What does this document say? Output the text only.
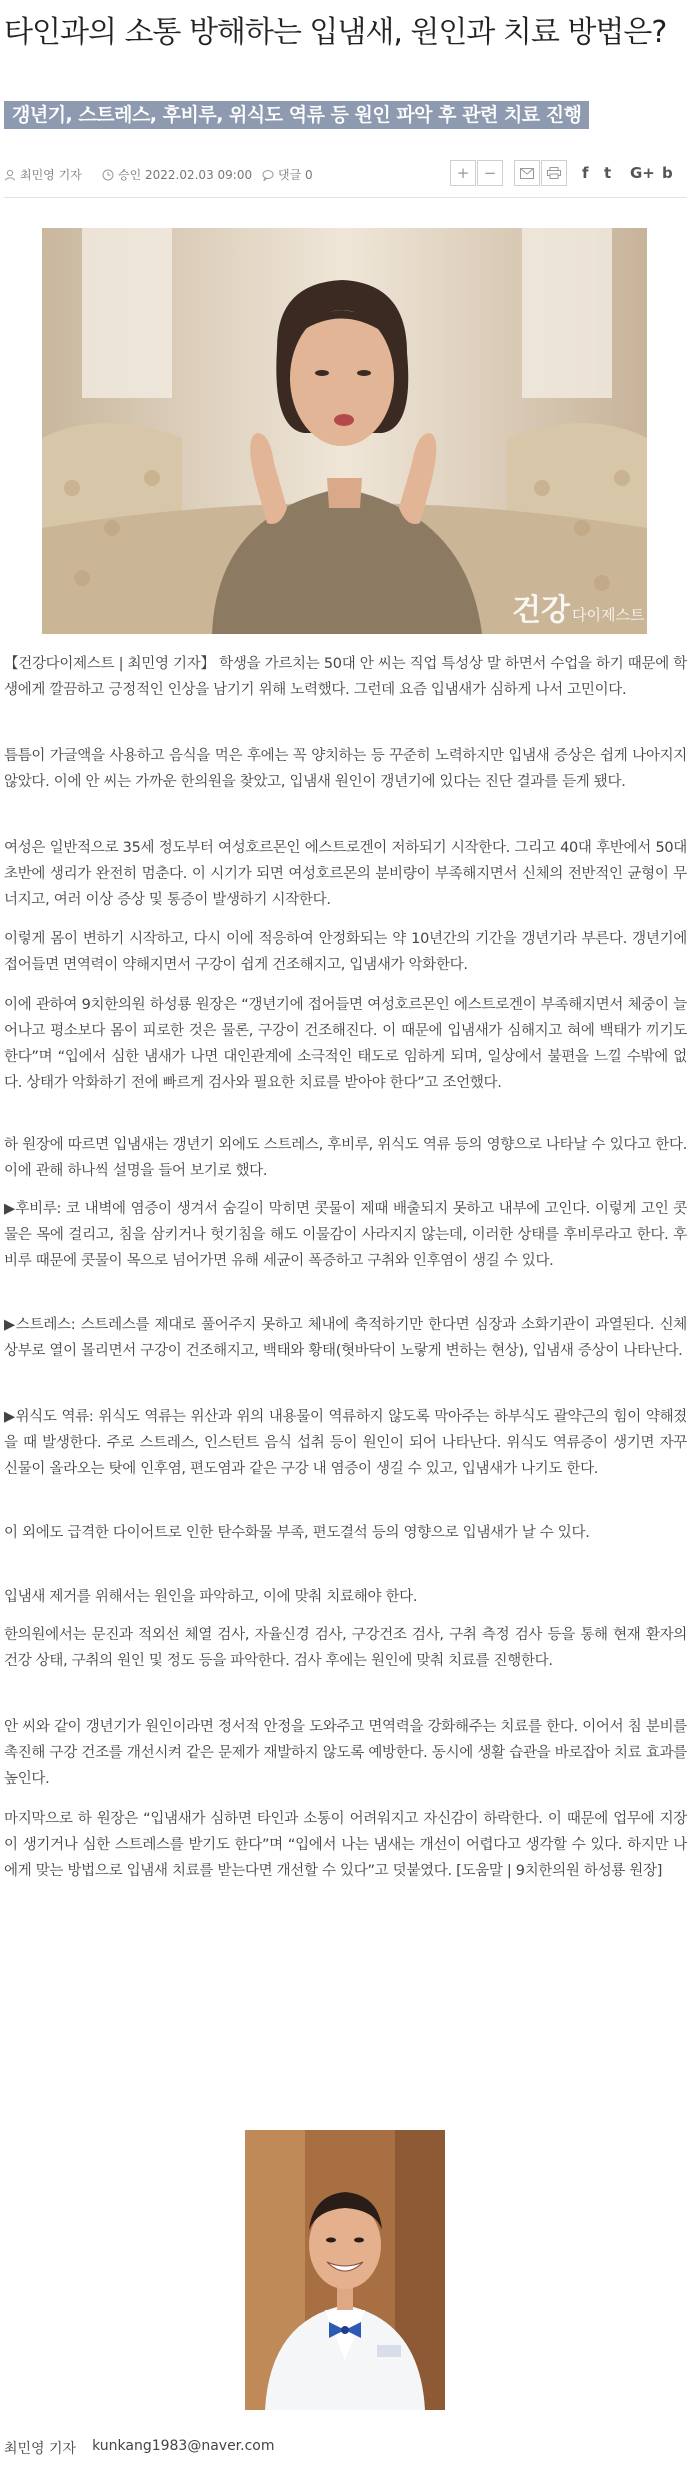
타인과의 소통 방해하는 입냄새, 원인과 치료 방법은?
갱년기, 스트레스, 후비루, 위식도 역류 등 원인 파악 후 관련 치료 진행
최민영 기자	승인 2022.02.03 09:00 댓글 0	+ −	f t G+ b
건강 다이제스트

【건강다이제스트 | 최민영 기자】 학생을 가르치는 50대 안 씨는 직업 특성상 말 하면서 수업을 하기 때문에 학생에게 깔끔하고 긍정적인 인상을 남기기 위해 노력했다. 그런데 요즘 입냄새가 심하게 나서 고민이다.

틈틈이 가글액을 사용하고 음식을 먹은 후에는 꼭 양치하는 등 꾸준히 노력하지만 입냄새 증상은 쉽게 나아지지 않았다. 이에 안 씨는 가까운 한의원을 찾았고, 입냄새 원인이 갱년기에 있다는 진단 결과를 듣게 됐다.

여성은 일반적으로 35세 정도부터 여성호르몬인 에스트로겐이 저하되기 시작한다. 그리고 40대 후반에서 50대 초반에 생리가 완전히 멈춘다. 이 시기가 되면 여성호르몬의 분비량이 부족해지면서 신체의 전반적인 균형이 무너지고, 여러 이상 증상 및 통증이 발생하기 시작한다.

이렇게 몸이 변하기 시작하고, 다시 이에 적응하여 안정화되는 약 10년간의 기간을 갱년기라 부른다. 갱년기에 접어들면 면역력이 약해지면서 구강이 쉽게 건조해지고, 입냄새가 악화한다.

이에 관하여 9치한의원 하성룡 원장은 “갱년기에 접어들면 여성호르몬인 에스트로겐이 부족해지면서 체중이 늘어나고 평소보다 몸이 피로한 것은 물론, 구강이 건조해진다. 이 때문에 입냄새가 심해지고 혀에 백태가 끼기도 한다”며 “입에서 심한 냄새가 나면 대인관계에 소극적인 태도로 임하게 되며, 일상에서 불편을 느낄 수밖에 없다. 상태가 악화하기 전에 빠르게 검사와 필요한 치료를 받아야 한다”고 조언했다.

하 원장에 따르면 입냄새는 갱년기 외에도 스트레스, 후비루, 위식도 역류 등의 영향으로 나타날 수 있다고 한다. 이에 관해 하나씩 설명을 들어 보기로 했다.

▶후비루: 코 내벽에 염증이 생겨서 숨길이 막히면 콧물이 제때 배출되지 못하고 내부에 고인다. 이렇게 고인 콧물은 목에 걸리고, 침을 삼키거나 헛기침을 해도 이물감이 사라지지 않는데, 이러한 상태를 후비루라고 한다. 후비루 때문에 콧물이 목으로 넘어가면 유해 세균이 폭증하고 구취와 인후염이 생길 수 있다.

▶스트레스: 스트레스를 제대로 풀어주지 못하고 체내에 축적하기만 한다면 심장과 소화기관이 과열된다. 신체 상부로 열이 몰리면서 구강이 건조해지고, 백태와 황태(혓바닥이 노랗게 변하는 현상), 입냄새 증상이 나타난다.

▶위식도 역류: 위식도 역류는 위산과 위의 내용물이 역류하지 않도록 막아주는 하부식도 괄약근의 힘이 약해졌을 때 발생한다. 주로 스트레스, 인스턴트 음식 섭취 등이 원인이 되어 나타난다. 위식도 역류증이 생기면 자꾸 신물이 올라오는 탓에 인후염, 편도염과 같은 구강 내 염증이 생길 수 있고, 입냄새가 나기도 한다.

이 외에도 급격한 다이어트로 인한 탄수화물 부족, 편도결석 등의 영향으로 입냄새가 날 수 있다.

입냄새 제거를 위해서는 원인을 파악하고, 이에 맞춰 치료해야 한다.

한의원에서는 문진과 적외선 체열 검사, 자율신경 검사, 구강건조 검사, 구취 측정 검사 등을 통해 현재 환자의 건강 상태, 구취의 원인 및 정도 등을 파악한다. 검사 후에는 원인에 맞춰 치료를 진행한다.

안 씨와 같이 갱년기가 원인이라면 정서적 안정을 도와주고 면역력을 강화해주는 치료를 한다. 이어서 침 분비를 촉진해 구강 건조를 개선시켜 같은 문제가 재발하지 않도록 예방한다. 동시에 생활 습관을 바로잡아 치료 효과를 높인다.

마지막으로 하 원장은 “입냄새가 심하면 타인과 소통이 어려워지고 자신감이 하락한다. 이 때문에 업무에 지장이 생기거나 심한 스트레스를 받기도 한다”며 “입에서 나는 냄새는 개선이 어렵다고 생각할 수 있다. 하지만 나에게 맞는 방법으로 입냄새 치료를 받는다면 개선할 수 있다”고 덧붙였다. [도움말 | 9치한의원 하성룡 원장]

최민영 기자 kunkang1983@naver.com
